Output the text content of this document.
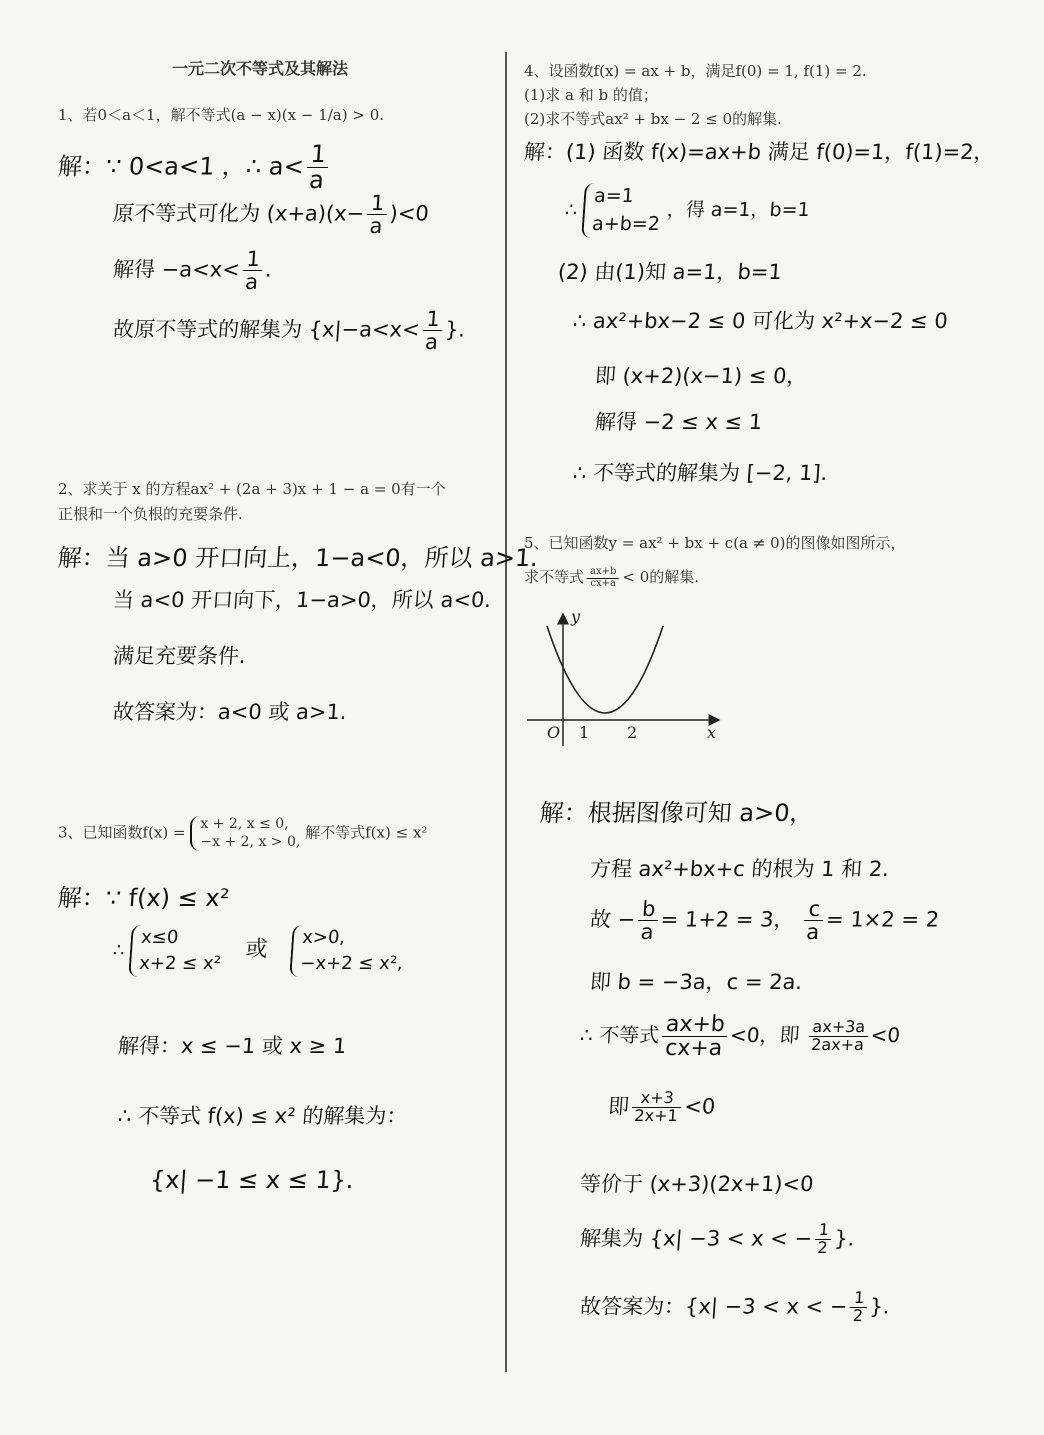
一元二次不等式及其解法
1、若0＜a＜1，解不等式(a − x)(x − 1/a) > 0.
解：∵ 0<a<1 ，∴ $a< \frac{1}{a}$
原不等式可化为 $(x+a)(x- \frac{1}{a} )<0$
解得 $-a<x< \frac{1}{a}$ .
故原不等式的解集为 {$x|-a<x< \frac{1}{a}$ }.
2、求关于 x 的方程ax² + (2a + 3)x + 1 − a = 0有一个
正根和一个负根的充要条件.
解：当 a>0 开口向上，1−a<0，所以 a>1.
当 a<0 开口向下，1−a>0，所以 a<0.
满足充要条件.
故答案为：a<0 或 a>1.
3、已知函数f(x) = x + 2, x ≤ 0,
−x + 2, x > 0, 解不等式f(x) ≤ x²
解：∵ f(x) ≤ x²
∴
x≤0
x+2 ≤ x²
或 x>0,
−x+2 ≤ x²,
解得：x ≤ −1 或 x ≥ 1
∴ 不等式 f(x) ≤ x² 的解集为：
{x| −1 ≤ x ≤ 1}.
4、设函数f(x) = ax + b，满足f(0) = 1, f(1) = 2.
(1)求 a 和 b 的值；
(2)求不等式ax² + bx − 2 ≤ 0的解集.
解：(1) 函数 f(x)=ax+b 满足 f(0)=1，f(1)=2，
∴
a=1
a+b=2
，得 a=1，b=1
(2) 由(1)知 a=1，b=1
∴ ax²+bx−2 ≤ 0 可化为 x²+x−2 ≤ 0
即 (x+2)(x−1) ≤ 0，
解得 −2 ≤ x ≤ 1
∴ 不等式的解集为 [−2, 1].
5、已知函数y = ax² + bx + c(a ≠ 0)的图像如图所示，
求不等式 $\frac{ax+b}{cx+a} < 0$的解集.
y
x
O 1 2
解：根据图像可知 a>0，
方程 ax²+bx+c 的根为 1 和 2.
故 − $\frac{b}{a} = 1+2 = 3$， $\frac{c}{a} = 1\times 2 = 2$
即 b = −3a，c = 2a.
∴ 不等式 $\frac{ax+b}{cx+a} <0$，即 $\frac{ax+3a}{2ax+a} <0$
即 $\frac{x+3}{2x+1} <0$
等价于 (x+3)(2x+1)<0
解集为 {x| −3 < x < − $\frac{1}{2}$ }.
故答案为：{x| −3 < x < − $\frac{1}{2}$ }.
